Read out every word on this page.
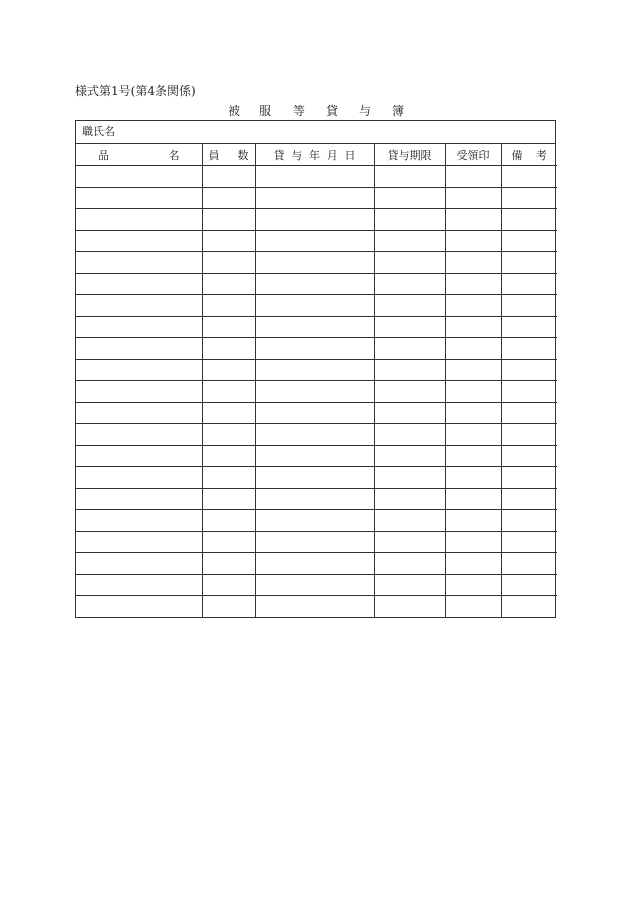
様式第1号(第4条関係)
被 服 等 貸 与 簿
職氏名
品 名	員 数	貸 与 年 月 日	貸与期限	受領印	備 考
